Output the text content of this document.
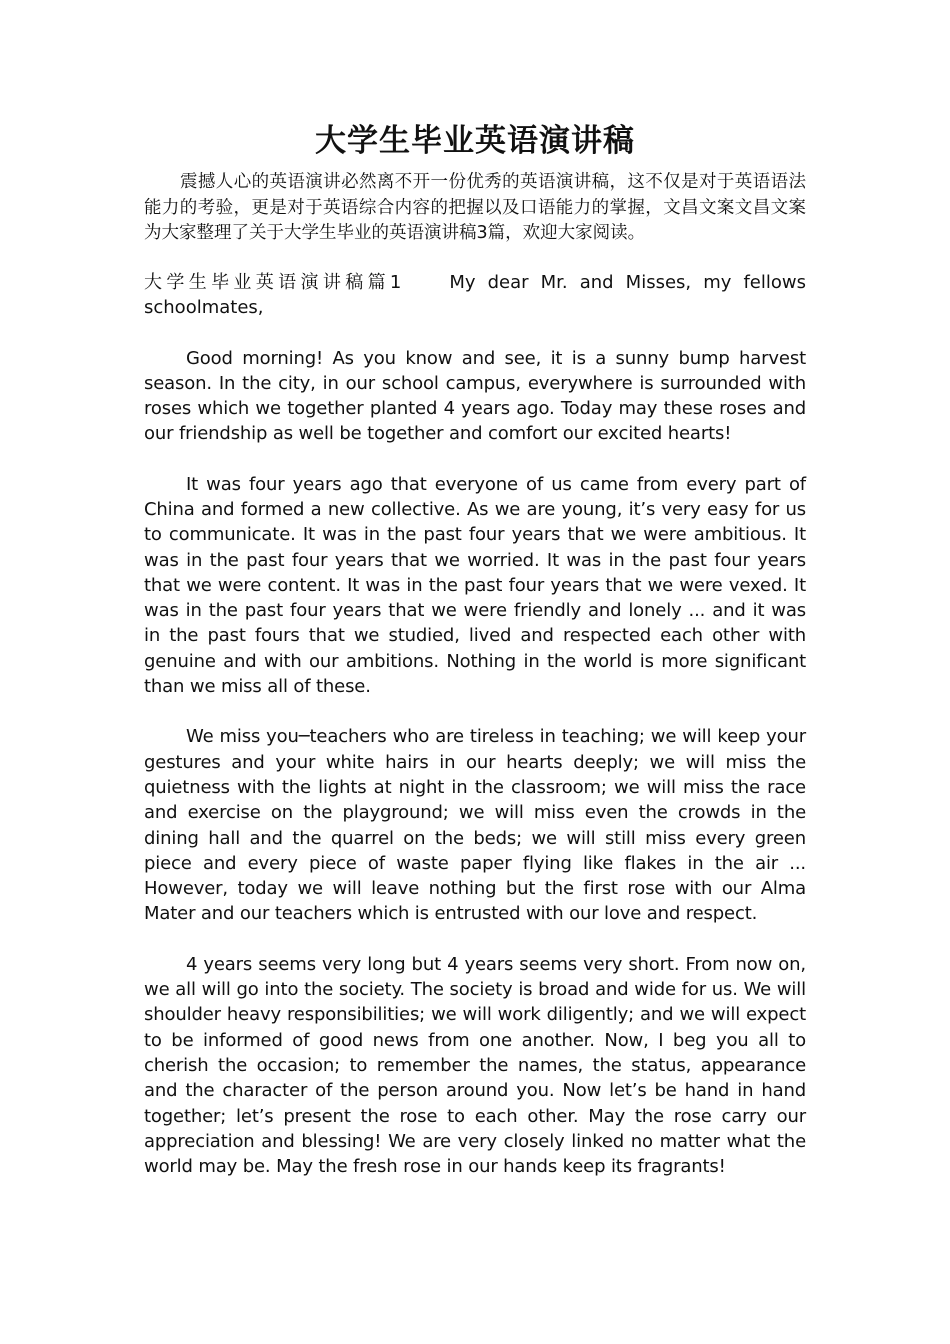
大学生毕业英语演讲稿

震撼人心的英语演讲必然离不开一份优秀的英语演讲稿，这不仅是对于英语语法能力的考验，更是对于英语综合内容的把握以及口语能力的掌握，文昌文案文昌文案为大家整理了关于大学生毕业的英语演讲稿3篇，欢迎大家阅读。

大学生毕业英语演讲稿篇1	My dear Mr. and Misses, my fellows schoolmates,

Good morning! As you know and see, it is a sunny bump harvest season. In the city, in our school campus, everywhere is surrounded with roses which we together planted 4 years ago. Today may these roses and our friendship as well be together and comfort our excited hearts!

It was four years ago that everyone of us came from every part of China and formed a new collective. As we are young, it’s very easy for us to communicate. It was in the past four years that we were ambitious. It was in the past four years that we worried. It was in the past four years that we were content. It was in the past four years that we were vexed. It was in the past four years that we were friendly and lonely ... and it was in the past fours that we studied, lived and respected each other with genuine and with our ambitions. Nothing in the world is more significant than we miss all of these.

We miss you─teachers who are tireless in teaching; we will keep your gestures and your white hairs in our hearts deeply; we will miss the quietness with the lights at night in the classroom; we will miss the race and exercise on the playground; we will miss even the crowds in the dining hall and the quarrel on the beds; we will still miss every green piece and every piece of waste paper flying like flakes in the air ... However, today we will leave nothing but the first rose with our Alma Mater and our teachers which is entrusted with our love and respect.

4 years seems very long but 4 years seems very short. From now on, we all will go into the society. The society is broad and wide for us. We will shoulder heavy responsibilities; we will work diligently; and we will expect to be informed of good news from one another. Now, I beg you all to cherish the occasion; to remember the names, the status, appearance and the character of the person around you. Now let’s be hand in hand together; let’s present the rose to each other. May the rose carry our appreciation and blessing! We are very closely linked no matter what the world may be. May the fresh rose in our hands keep its fragrants!
